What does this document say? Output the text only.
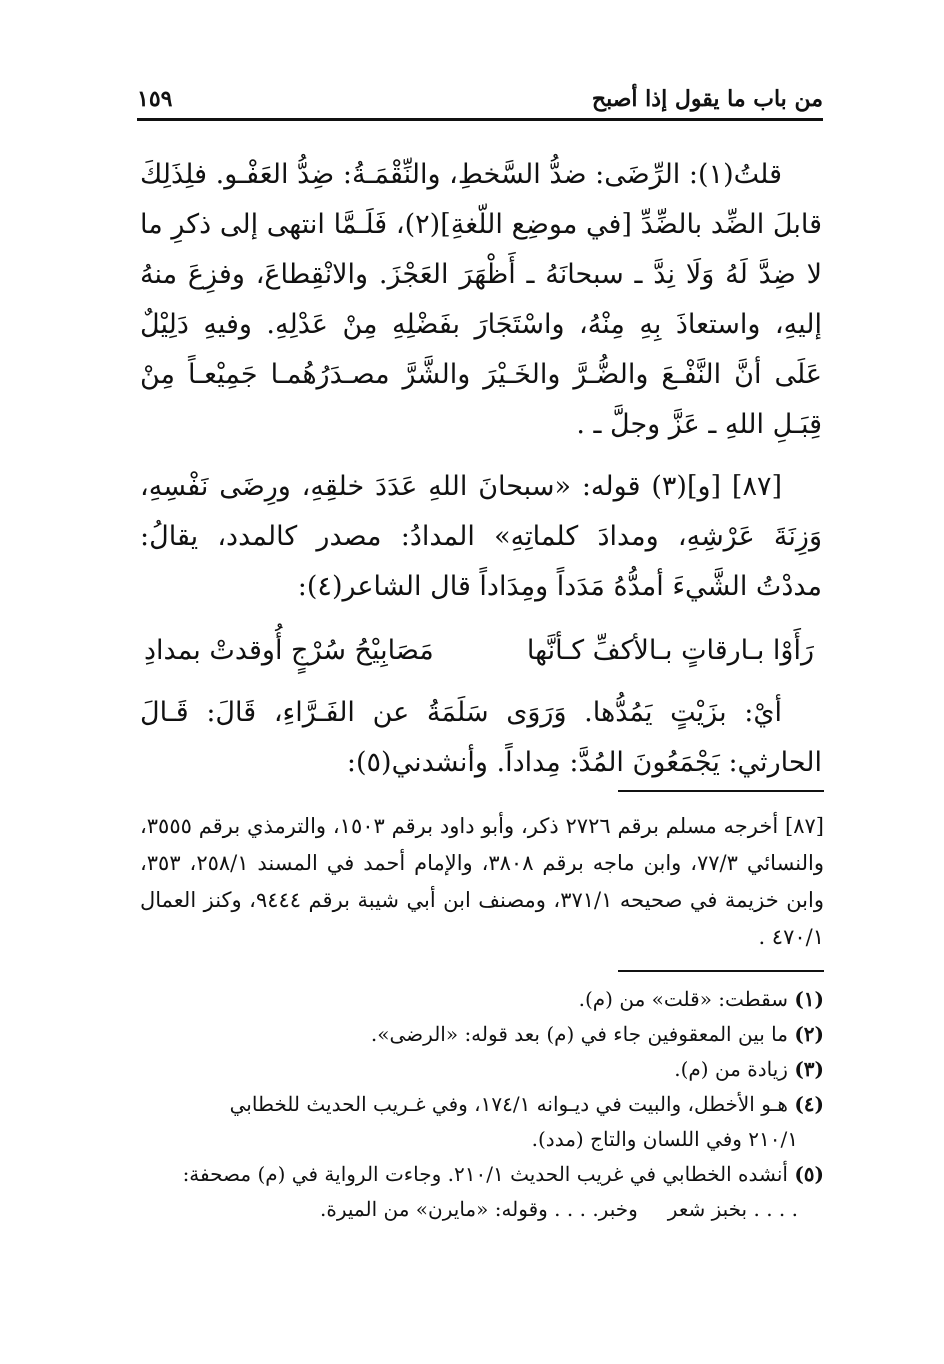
من باب ما يقول إذا أصبح
١٥٩

قلتُ(١): الرِّضَى: ضدُّ السَّخطِ، والنِّقْمَـةُ: ضِدُّ العَفْـو. فلِذَلِكَ قابلَ الضِّد بالضِّدِّ [في موضِع اللّغةِ](٢)، فَلَـمَّا انتهى إلى ذكرِ ما لا ضِدَّ لَهُ وَلَا نِدَّ ـ سبحانَهُ ـ أَظْهَرَ العَجْزَ. والانْقِطاعَ، وفزِعَ منهُ إليهِ، واستعاذَ بِهِ مِنْهُ، واسْتَجَارَ بفَضْلِهِ مِنْ عَدْلِهِ. وفيهِ دَلِيْلٌ عَلَى أنَّ النَّفْـعَ والضُّـرَّ والخَـيْرَ والشَّرَّ مصـدَرُهُمـا جَمِيْعـاً مِنْ قِبَـلِ اللهِ ـ عَزَّ وجلَّ ـ .

[٨٧] [و](٣) قوله: «سبحانَ اللهِ عَدَدَ خلقِهِ، ورِضَى نَفْسِهِ، وَزِنَةَ عَرْشِهِ، ومدادَ كلماتِهِ» المدادُ: مصدر كالمدد، يقالُ: مددْتُ الشَّيءَ أمدُّهُ مَدَداً ومِدَاداً قال الشاعر(٤):

رَأَوْا بـارقاتٍ بـالأكفِّ كـأنَّها
مَصَابِيْحُ سُرْجٍ أُوقدتْ بمدادِ

أيْ: بزَيْتٍ يَمُدُّها. وَرَوَى سَلَمَةُ عن الفَـرَّاءِ، قَالَ: قَـالَ الحارثي: يَجْمَعُونَ المُدَّ: مِداداً. وأنشدني(٥):

[٨٧] أخرجه مسلم برقم ٢٧٢٦ ذكر، وأبو داود برقم ١٥٠٣، والترمذي برقم ٣٥٥٥، والنسائي ٧٧/٣، وابن ماجه برقم ٣٨٠٨، والإمام أحمد في المسند ٢٥٨/١، ٣٥٣، وابن خزيمة في صحيحه ٣٧١/١، ومصنف ابن أبي شيبة برقم ٩٤٤٤، وكنز العمال ٤٧٠/١ .

(١) سقطت: «قلت» من (م).
(٢) ما بين المعقوفين جاء في (م) بعد قوله: «الرضى».
(٣) زيادة من (م).
(٤) هـو الأخطل، والبيت في ديـوانه ١٧٤/١، وفي غـريب الحديث للخطابي
٢١٠/١ وفي اللسان والتاج (مدد).
(٥) أنشده الخطابي في غريب الحديث ٢١٠/١. وجاءت الرواية في (م) مصحفة:
. . . . بخبز شعر
وخبر. . . . وقوله: «مايرن» من الميرة.
